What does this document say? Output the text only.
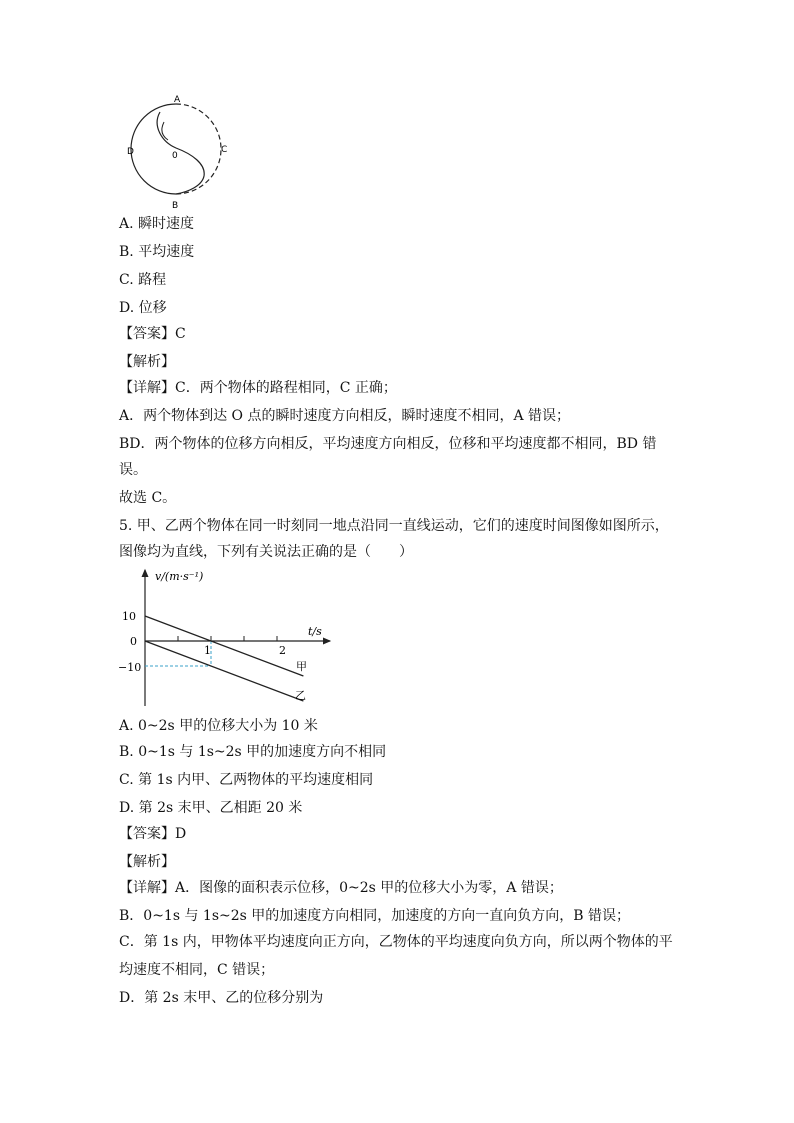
A
B
C
D	0
A. 瞬时速度
B. 平均速度
C. 路程
D. 位移
【答案】C
【解析】
【详解】C．两个物体的路程相同，C 正确；
A．两个物体到达 O 点的瞬时速度方向相反，瞬时速度不相同，A 错误；
BD．两个物体的位移方向相反，平均速度方向相反，位移和平均速度都不相同，BD 错
误。
故选 C。
5. 甲、乙两个物体在同一时刻同一地点沿同一直线运动，它们的速度时间图像如图所示，
图像均为直线，下列有关说法正确的是（　　）
v/(m·s⁻¹)
t/s
10
0
−10
1	2
甲
乙
A. 0~2s 甲的位移大小为 10 米
B. 0~1s 与 1s~2s 甲的加速度方向不相同
C. 第 1s 内甲、乙两物体的平均速度相同
D. 第 2s 末甲、乙相距 20 米
【答案】D
【解析】
【详解】A．图像的面积表示位移，0~2s 甲的位移大小为零，A 错误；
B．0~1s 与 1s~2s 甲的加速度方向相同，加速度的方向一直向负方向，B 错误；
C．第 1s 内，甲物体平均速度向正方向，乙物体的平均速度向负方向，所以两个物体的平
均速度不相同，C 错误；
D．第 2s 末甲、乙的位移分别为
